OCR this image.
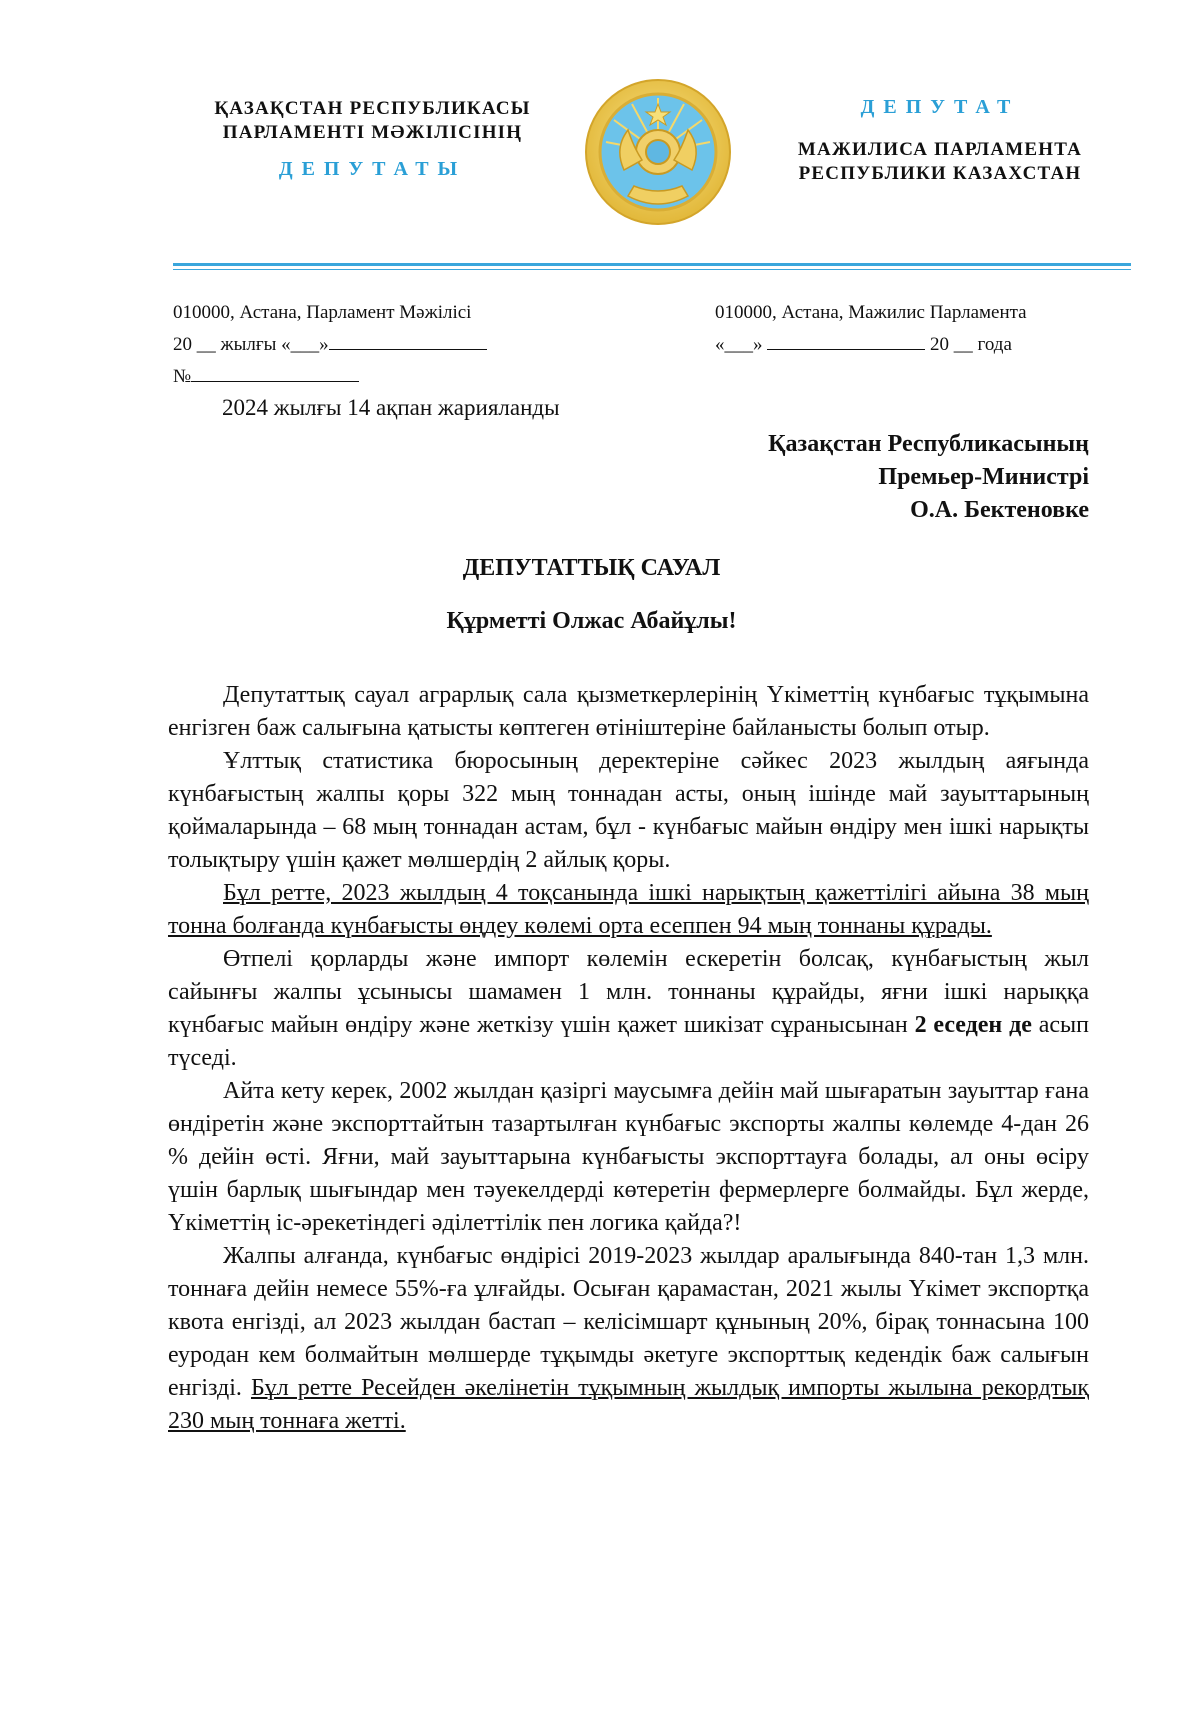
ҚАЗАҚСТАН РЕСПУБЛИКАСЫ
ПАРЛАМЕНТІ МӘЖІЛІСІНІҢ
ДЕПУТАТЫ
ДЕПУТАТ
МАЖИЛИСА ПАРЛАМЕНТА
РЕСПУБЛИКИ КАЗАХСТАН
010000, Астана, Парламент Мәжілісі
20 __ жылғы «___»
№
010000, Астана, Мажилис Парламента
«___»	20 __ года
2024 жылғы 14 ақпан жарияланды
Қазақстан Республикасының
Премьер-Министрі
О.А. Бектеновке
ДЕПУТАТТЫҚ САУАЛ
Құрметті Олжас Абайұлы!

Депутаттық сауал аграрлық сала қызметкерлерінің Үкіметтің күнбағыс тұқымына енгізген баж салығына қатысты көптеген өтініштеріне байланысты болып отыр.

Ұлттық статистика бюросының деректеріне сәйкес 2023 жылдың аяғында күнбағыстың жалпы қоры 322 мың тоннадан асты, оның ішінде май зауыттарының қоймаларында – 68 мың тоннадан астам, бұл - күнбағыс майын өндіру мен ішкі нарықты толықтыру үшін қажет мөлшердің 2 айлық қоры.

Бұл ретте, 2023 жылдың 4 тоқсанында ішкі нарықтың қажеттілігі айына 38 мың тонна болғанда күнбағысты өңдеу көлемі орта есеппен 94 мың тоннаны құрады.

Өтпелі қорларды және импорт көлемін ескеретін болсақ, күнбағыстың жыл сайынғы жалпы ұсынысы шамамен 1 млн. тоннаны құрайды, яғни ішкі нарыққа күнбағыс майын өндіру және жеткізу үшін қажет шикізат сұранысынан 2 еседен де асып түседі.

Айта кету керек, 2002 жылдан қазіргі маусымға дейін май шығаратын зауыттар ғана өндіретін және экспорттайтын тазартылған күнбағыс экспорты жалпы көлемде 4-дан 26 % дейін өсті. Яғни, май зауыттарына күнбағысты экспорттауға болады, ал оны өсіру үшін барлық шығындар мен тәуекелдерді көтеретін фермерлерге болмайды. Бұл жерде, Үкіметтің іс-әрекетіндегі әділеттілік пен логика қайда?!

Жалпы алғанда, күнбағыс өндірісі 2019-2023 жылдар аралығында 840-тан 1,3 млн. тоннаға дейін немесе 55%-ға ұлғайды. Осыған қарамастан, 2021 жылы Үкімет экспортқа квота енгізді, ал 2023 жылдан бастап – келісімшарт құнының 20%, бірақ тоннасына 100 еуродан кем болмайтын мөлшерде тұқымды әкетуге экспорттық кедендік баж салығын енгізді. Бұл ретте Ресейден әкелінетін тұқымның жылдық импорты жылына рекордтық 230 мың тоннаға жетті.
